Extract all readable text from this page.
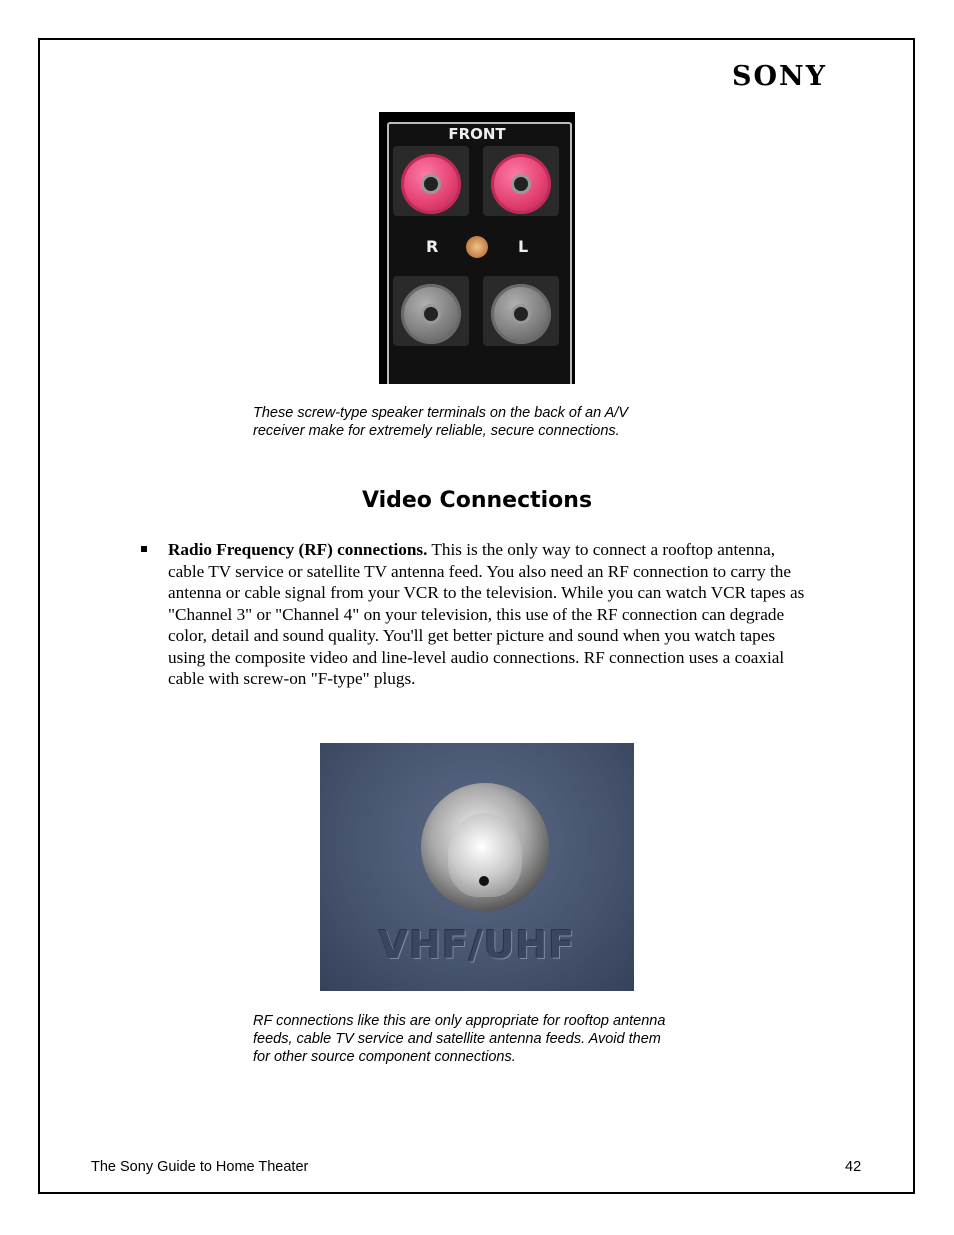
SONY
FRONT
R	L
These screw-type speaker terminals on the back of an A/V
receiver make for extremely reliable, secure connections.
Video Connections
Radio Frequency (RF) connections. This is the only way to connect a rooftop antenna, cable TV service or satellite TV antenna feed. You also need an RF connection to carry the antenna or cable signal from your VCR to the television. While you can watch VCR tapes as "Channel 3" or "Channel 4" on your television, this use of the RF connection can degrade color, detail and sound quality. You'll get better picture and sound when you watch tapes using the composite video and line-level audio connections. RF connection uses a coaxial cable with screw-on "F-type" plugs.
VHF/UHF
RF connections like this are only appropriate for rooftop antenna
feeds, cable TV service and satellite antenna feeds. Avoid them
for other source component connections.
The Sony Guide to Home Theater	42
